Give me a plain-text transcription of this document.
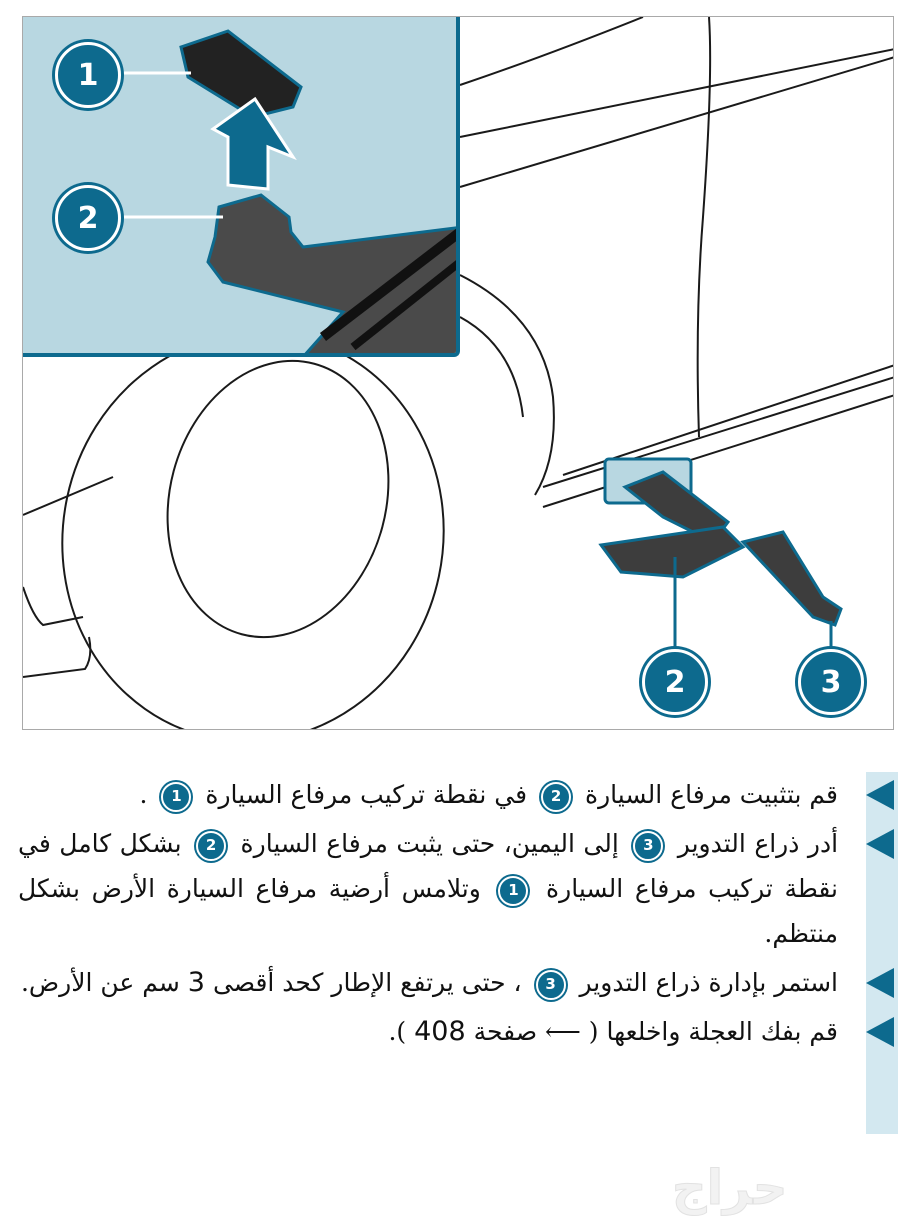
1
2
2	3
قم بتثبيت مرفاع السيارة 2 في نقطة تركيب مرفاع السيارة 1 .
أدر ذراع التدوير 3 إلى اليمين، حتى يثبت مرفاع السيارة 2 بشكل كامل في نقطة تركيب مرفاع السيارة 1 وتلامس أرضية مرفاع السيارة الأرض بشكل منتظم.
استمر بإدارة ذراع التدوير 3 ، حتى يرتفع الإطار كحد أقصى 3 سم عن الأرض.
قم بفك العجلة واخلعها ( ⟵ صفحة 408 ).
حراج
